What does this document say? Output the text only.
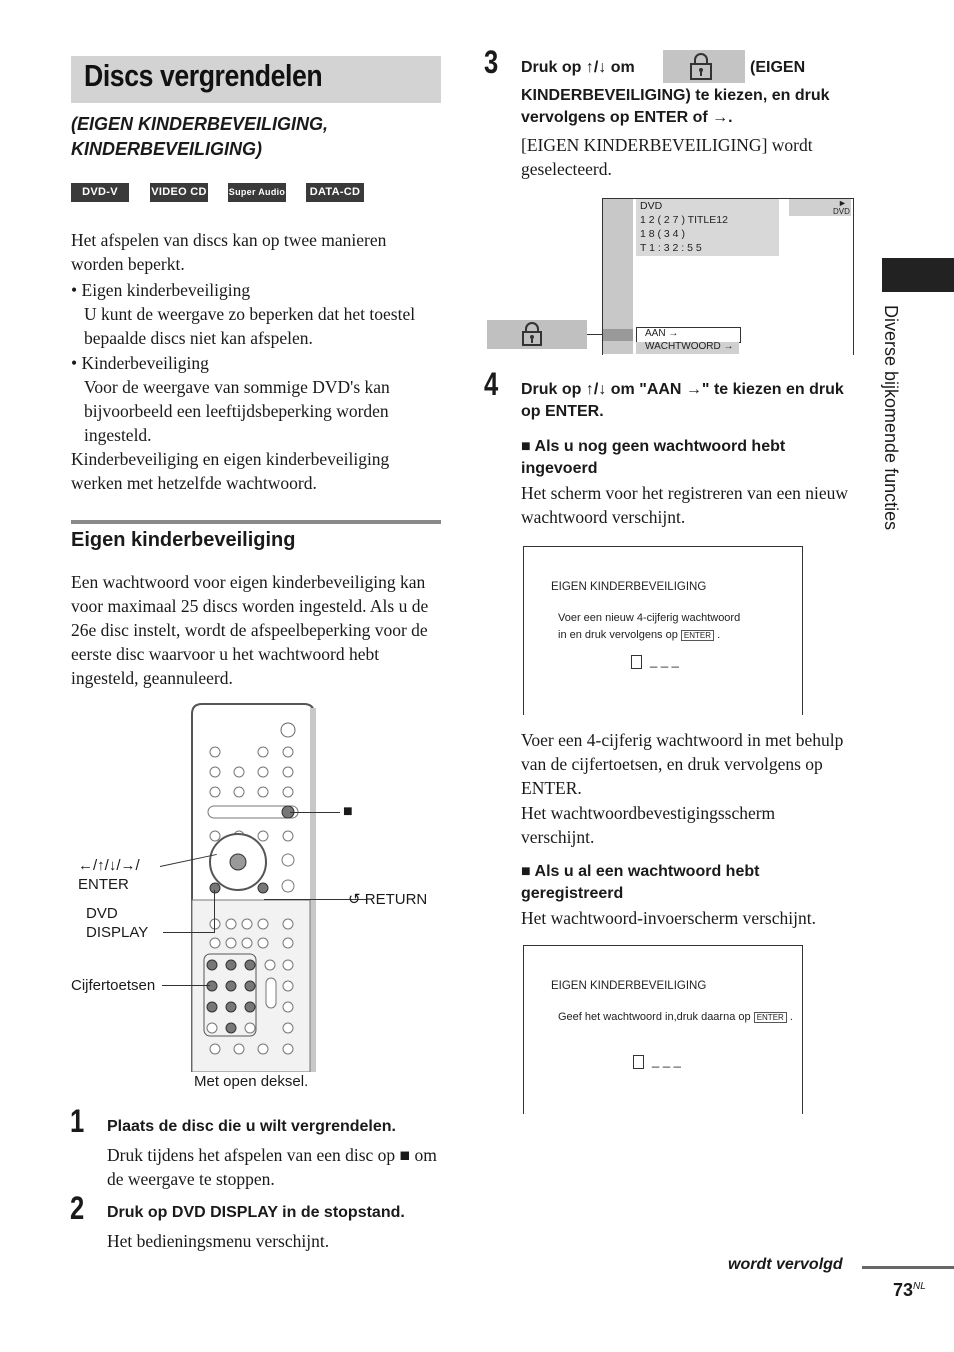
Discs vergrendelen
(EIGEN KINDERBEVEILIGING,
KINDERBEVEILIGING)
DVD-V	VIDEO CD Super Audio CD
DATA-CD
Het afspelen van discs kan op twee manieren worden beperkt.
• Eigen kinderbeveiliging
U kunt de weergave zo beperken dat het toestel bepaalde discs niet kan afspelen.
• Kinderbeveiliging
Voor de weergave van sommige DVD's kan bijvoorbeeld een leeftijdsbeperking worden ingesteld.
Kinderbeveiliging en eigen kinderbeveiliging werken met hetzelfde wachtwoord.
Eigen kinderbeveiliging
Een wachtwoord voor eigen kinderbeveiliging kan voor maximaal 25 discs worden ingesteld. Als u de 26e disc instelt, wordt de afspeelbeperking voor de eerste disc waarvoor u het wachtwoord hebt ingesteld, geannuleerd.
■
←/↑/↓/→/
ENTER
↺ RETURN
DVD
DISPLAY
Cijfertoetsen
Met open deksel.
1 Plaats de disc die u wilt vergrendelen.
Druk tijdens het afspelen van een disc op ■ om de weergave te stoppen.
2 Druk op DVD DISPLAY in de stopstand.
Het bedieningsmenu verschijnt.
3 Druk op ↑/↓ om	(EIGEN
KINDERBEVEILIGING) te kiezen, en druk vervolgens op ENTER of →.
[EIGEN KINDERBEVEILIGING] wordt geselecteerd.
DVD
1 2 ( 2 7 ) TITLE12
1 8 ( 3 4 )
T 1 : 3 2 : 5 5
►
DVD
AAN →
WACHTWOORD →
4 Druk op ↑/↓ om "AAN →" te kiezen en druk op ENTER.
■ Als u nog geen wachtwoord hebt ingevoerd
Het scherm voor het registreren van een nieuw wachtwoord verschijnt.
EIGEN KINDERBEVEILIGING
Voer een nieuw 4-cijferig wachtwoord
in en druk vervolgens op ENTER .
_ _ _
Voer een 4-cijferig wachtwoord in met behulp van de cijfertoetsen, en druk vervolgens op ENTER.
Het wachtwoordbevestigingsscherm verschijnt.
■ Als u al een wachtwoord hebt geregistreerd
Het wachtwoord-invoerscherm verschijnt.
EIGEN KINDERBEVEILIGING
Geef het wachtwoord in,druk daarna op ENTER .
_ _ _
Diverse bijkomende functies
wordt vervolgd
$73^{NL}$
